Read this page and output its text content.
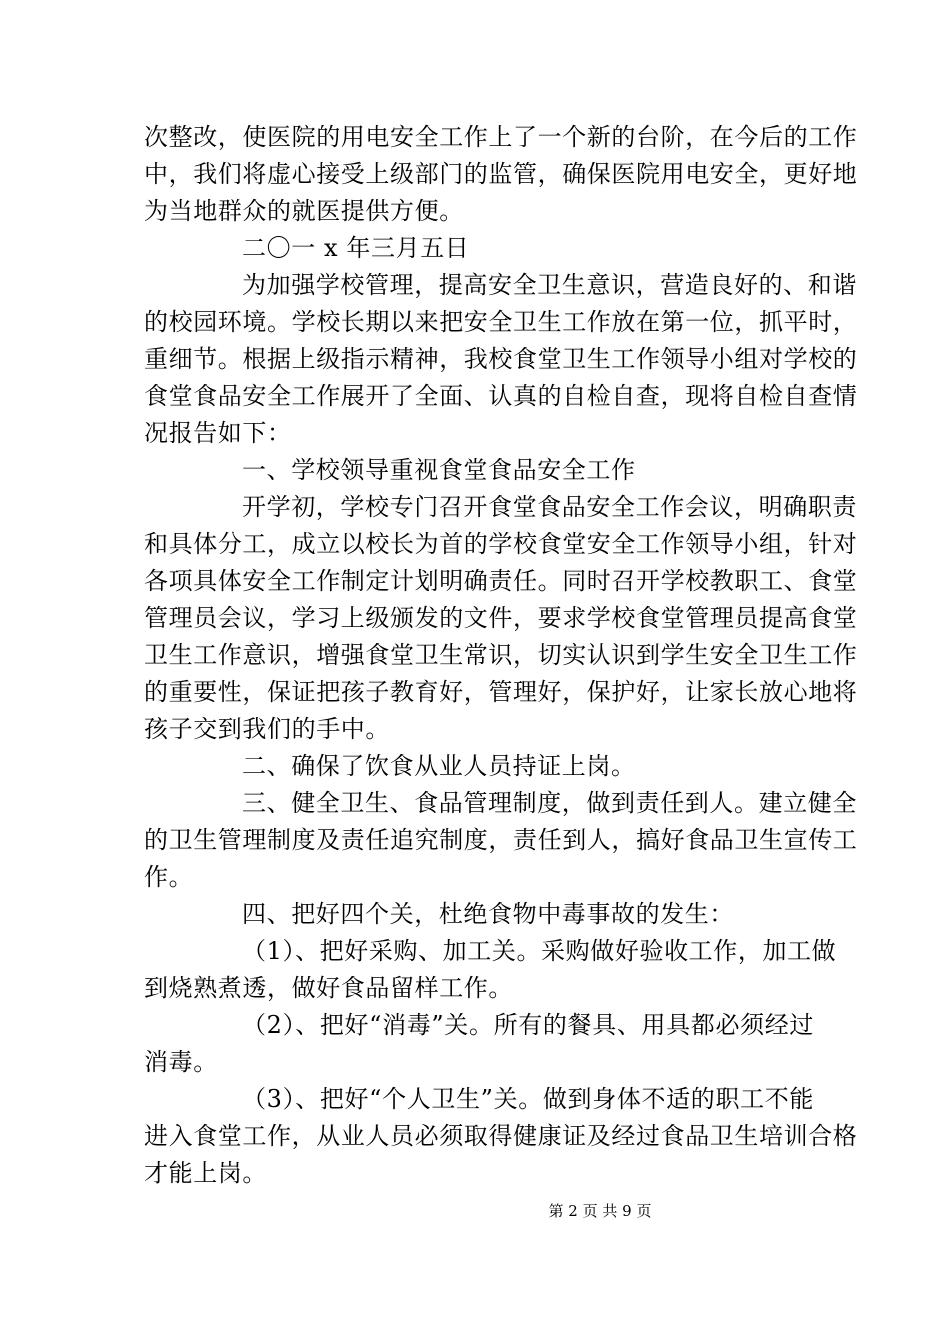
次整改，使医院的用电安全工作上了一个新的台阶，在今后的工作
中，我们将虚心接受上级部门的监管，确保医院用电安全，更好地
为当地群众的就医提供方便。
二〇一 x 年三月五日
为加强学校管理，提高安全卫生意识，营造良好的、和谐
的校园环境。学校长期以来把安全卫生工作放在第一位，抓平时，
重细节。根据上级指示精神，我校食堂卫生工作领导小组对学校的
食堂食品安全工作展开了全面、认真的自检自查，现将自检自查情
况报告如下：
一、学校领导重视食堂食品安全工作
开学初，学校专门召开食堂食品安全工作会议，明确职责
和具体分工，成立以校长为首的学校食堂安全工作领导小组，针对
各项具体安全工作制定计划明确责任。同时召开学校教职工、食堂
管理员会议，学习上级颁发的文件，要求学校食堂管理员提高食堂
卫生工作意识，增强食堂卫生常识，切实认识到学生安全卫生工作
的重要性，保证把孩子教育好，管理好，保护好，让家长放心地将
孩子交到我们的手中。
二、确保了饮食从业人员持证上岗。
三、健全卫生、食品管理制度，做到责任到人。建立健全
的卫生管理制度及责任追究制度，责任到人，搞好食品卫生宣传工
作。
四、把好四个关，杜绝食物中毒事故的发生：
（1）、把好采购、加工关。采购做好验收工作，加工做
到烧熟煮透，做好食品留样工作。
（2）、把好“消毒”关。所有的餐具、用具都必须经过
消毒。
（3）、把好“个人卫生”关。做到身体不适的职工不能
进入食堂工作，从业人员必须取得健康证及经过食品卫生培训合格
才能上岗。
第 2 页 共 9 页
